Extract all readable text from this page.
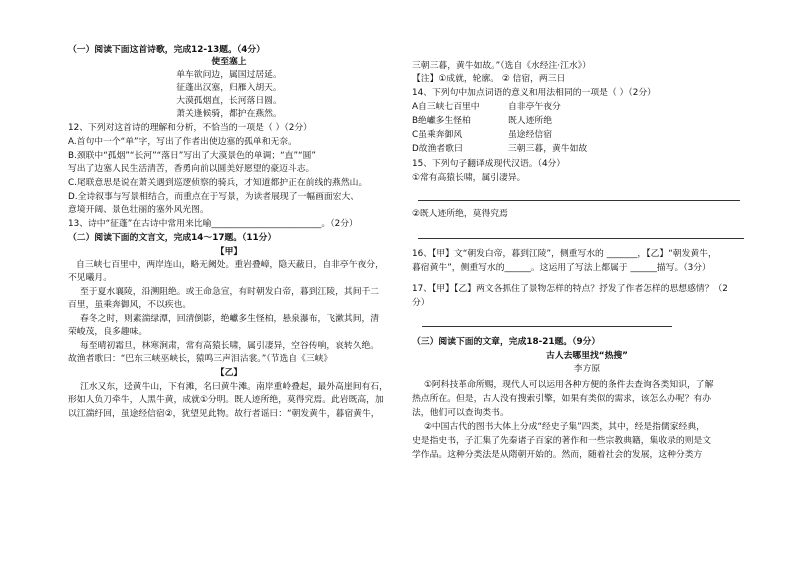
（一）阅读下面这首诗歌，完成12-13题。（4分）
使至塞上
单车欲问边，属国过居延。
征蓬出汉塞，归雁入胡天。
大漠孤烟直，长河落日圆。
萧关逢候骑，都护在燕然。
12、下列对这首诗的理解和分析，不恰当的一项是（ ）（2分）
A.首句中一个“单”字，写出了作者出使边塞的孤单和无奈。
B.颈联中“孤烟”“长河”“落日”写出了大漠景色的单调；“直”“圆”
写出了边塞人民生活清苦，香勇向前以圆美好愿望的豪迈斗志。
C.尾联意思是说在萧关遇到巡逻侦察的骑兵，才知道都护正在前线的燕然山。
D.全诗叙事与写景相结合，而重点在于写景，为读者展现了一幅画面宏大、
意境开阔、景色壮丽的塞外风光图。
13、诗中“征蓬”在古诗中常用来比喻_________________________。（2分）
（二）阅读下面的文言文，完成14～17题。（11分）
【甲】
自三峡七百里中，两岸连山，略无阙处。重岩叠嶂，隐天蔽日，自非亭午夜分，
不见曦月。
至于夏水襄陵，沿溯阻绝。或王命急宣，有时朝发白帝，暮到江陵，其间千二
百里，虽乘奔御风，不以疾也。
春冬之时，则素湍绿潭，回清倒影，绝巘多生怪柏，悬泉瀑布，飞漱其间，清
荣峻茂，良多趣味。
每至晴初霜旦，林寒涧肃，常有高猿长啸，属引凄异，空谷传响，哀转久绝。
故渔者歌曰：“巴东三峡巫峡长，猿鸣三声泪沾裳。”（节选自《三峡》
【乙】
江水又东，迳黄牛山，下有滩，名曰黄牛滩。南岸重岭叠起，最外高崖间有石，
形如人负刀牵牛，人黑牛黄，成就①分明。既人迹所绝，莫得究焉。此岩既高，加
以江湍纡回，虽途经信宿②，犹望见此物。故行者谣曰：“朝发黄牛，暮宿黄牛，
三朝三暮，黄牛如故。”（选自《水经注·江水》）
【注】①成就，轮廓。 ② 信宿，两三日
14、下列句中加点词语的意义和用法相同的一项是（ ）（2分）
A自三峡七百里中	自非亭午夜分
B绝巘多生怪柏	既人迹所绝
C虽乘奔御风	虽途经信宿
D故渔者歌曰	三朝三暮，黄牛如故
15、下列句子翻译成现代汉语。（4分）
①常有高猿长啸，属引凄异。
②既人迹所绝，莫得究焉
16、【甲】文“朝发白帝，暮到江陵”，侧重写水的 _______，【乙】“朝发黄牛，
暮宿黄牛”，侧重写水的______。这运用了写法上都属于 ______描写。（3分）
17、【甲】【乙】两文各抓住了景物怎样的特点？抒发了作者怎样的思想感情？（2
分）
（三）阅读下面的文章，完成18-21题。（9分）
古人去哪里找“热搜”
李方原
①阿科技革命所赐，现代人可以运用各种方便的条件去查询各类知识，了解
热点所在。但是，古人没有搜索引擎，如果有类似的需求，该怎么办呢？有办
法，他们可以查询类书。
②中国古代的图书大体上分成“经史子集”四类，其中，经是指儒家经典，
史是指史书，子汇集了先秦诸子百家的著作和一些宗教典籍，集收录的则是文
学作品。这种分类法是从隋朝开始的。然而，随着社会的发展，这种分类方
